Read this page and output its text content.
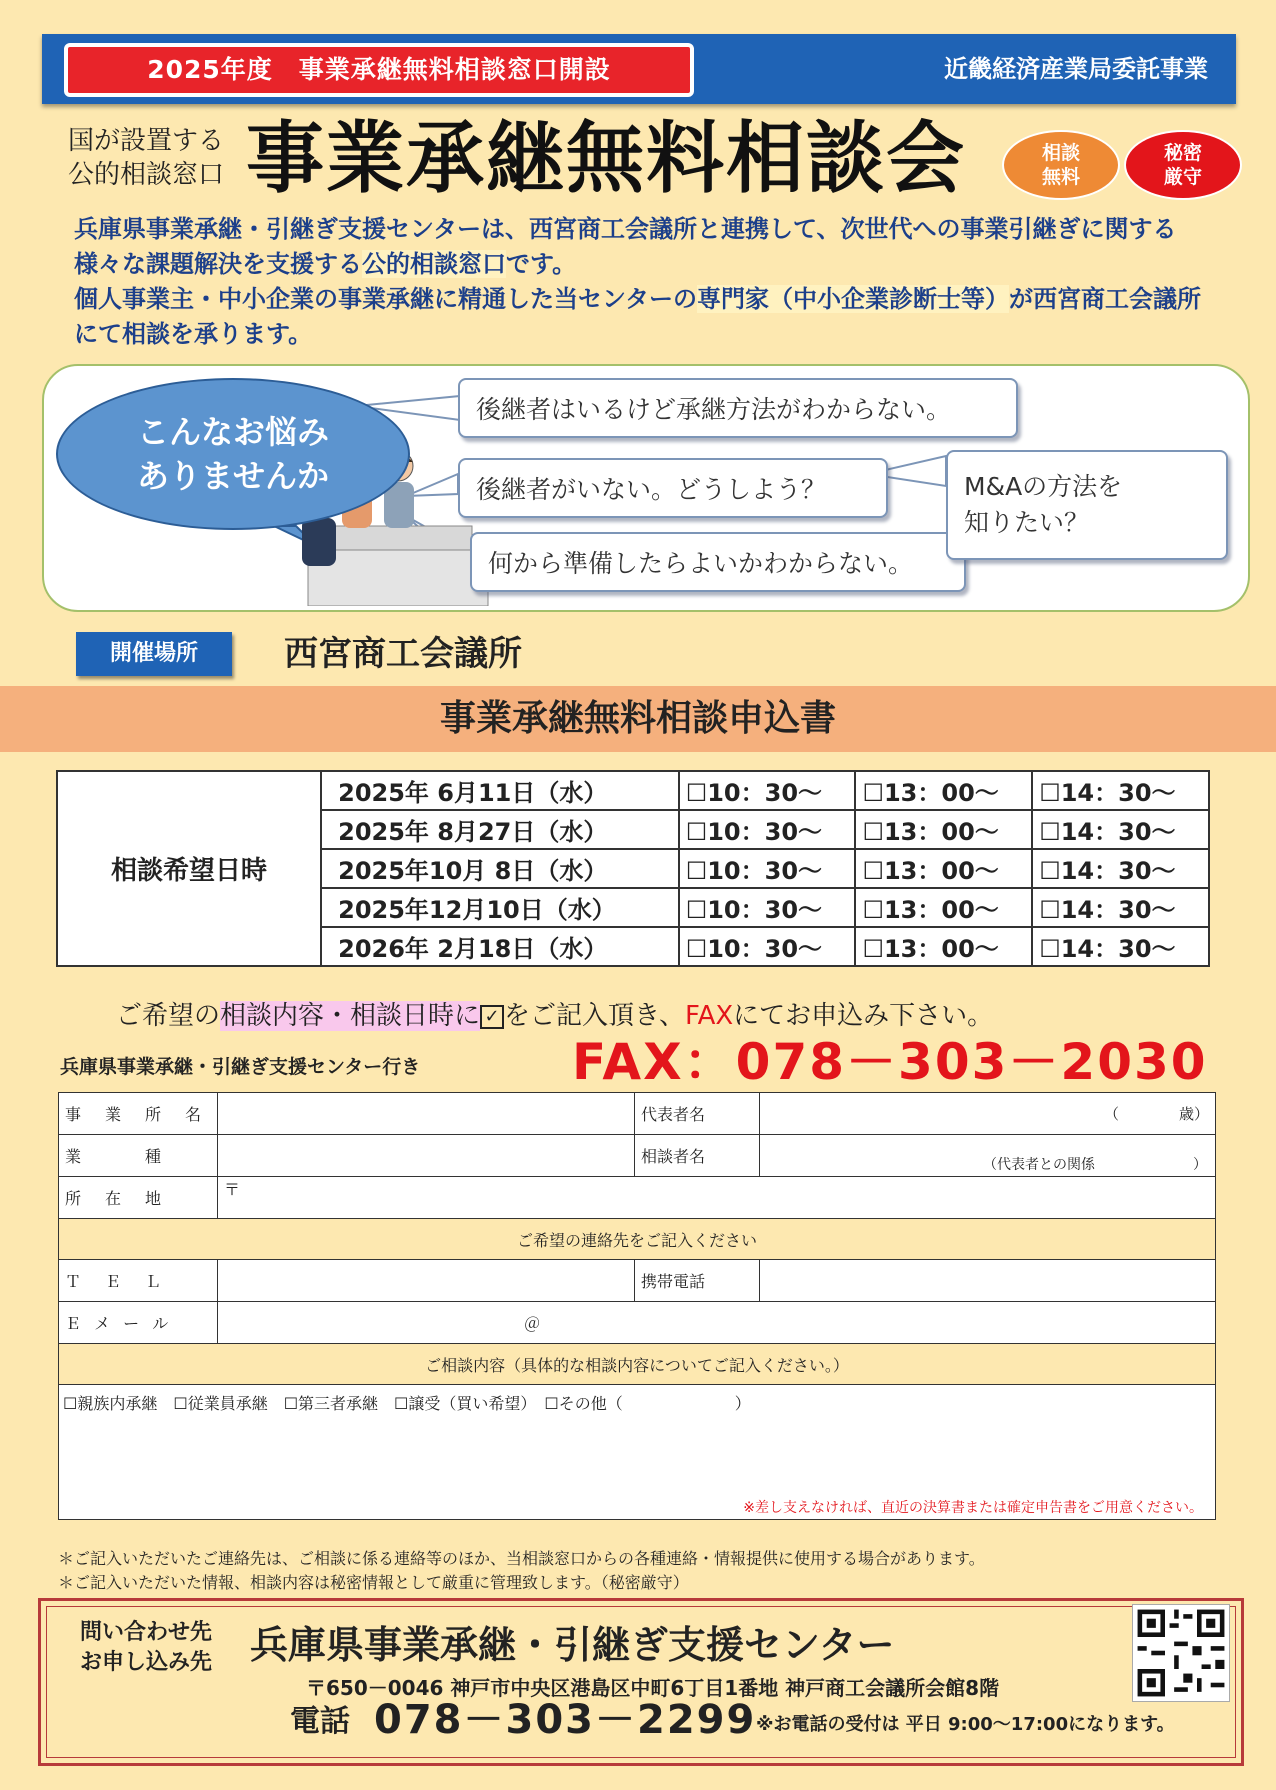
2025年度　事業承継無料相談窓口開設	近畿経済産業局委託事業
国が設置する
公的相談窓口 事業承継無料相談会	相談
無料
秘密
厳守
兵庫県事業承継・引継ぎ支援センターは、西宮商工会議所と連携して、次世代への事業引継ぎに関する様々な課題解決を支援する公的相談窓口です。
個人事業主・中小企業の事業承継に精通した当センターの専門家（中小企業診断士等）が西宮商工会議所にて相談を承ります。
こんなお悩み
ありませんか
後継者はいるけど承継方法がわからない。
後継者がいない。どうしよう？
何から準備したらよいかわからない。
M&Aの方法を
知りたい？
開催場所	西宮商工会議所
事業承継無料相談申込書
相談希望日時	2025年 6月11日（水）	☐10：30～	☐13：00～	☐14：30～
	2025年 8月27日（水）	☐10：30～	☐13：00～	☐14：30～
	2025年10月 8日（水）	☐10：30～	☐13：00～	☐14：30～
	2025年12月10日（水）	☐10：30～	☐13：00～	☐14：30～
	2026年 2月18日（水）	☐10：30～	☐13：00～	☐14：30～
ご希望の相談内容・相談日時に ✓ をご記入頂き、FAXにてお申込み下さい。
兵庫県事業承継・引継ぎ支援センター行き	FAX：078－303－2030
事　業　所　名		代表者名	（　　　　歳）

業　　　種		相談者名	（代表者との関係　　　　　　　）

所　在　地	〒		
ご希望の連絡先をご記入ください			
Ｔ　Ｅ　Ｌ		携帯電話	
Ｅ メ ー ル	＠		
ご相談内容（具体的な相談内容についてご記入ください。）			

☐親族内承継　☐従業員承継　☐第三者承継　☐譲受（買い希望）　☐その他（　　　　　　　）
※差し支えなければ、直近の決算書または確定申告書をご用意ください。			
＊ご記入いただいたご連絡先は、ご相談に係る連絡等のほか、当相談窓口からの各種連絡・情報提供に使用する場合があります。
＊ご記入いただいた情報、相談内容は秘密情報として厳重に管理致します。（秘密厳守）
問い合わせ先
お申し込み先 兵庫県事業承継・引継ぎ支援センター
〒650－0046 神戸市中央区港島区中町6丁目1番地 神戸商工会議所会館8階
電話 078－303－2299 ※お電話の受付は 平日 9:00～17:00になります。
